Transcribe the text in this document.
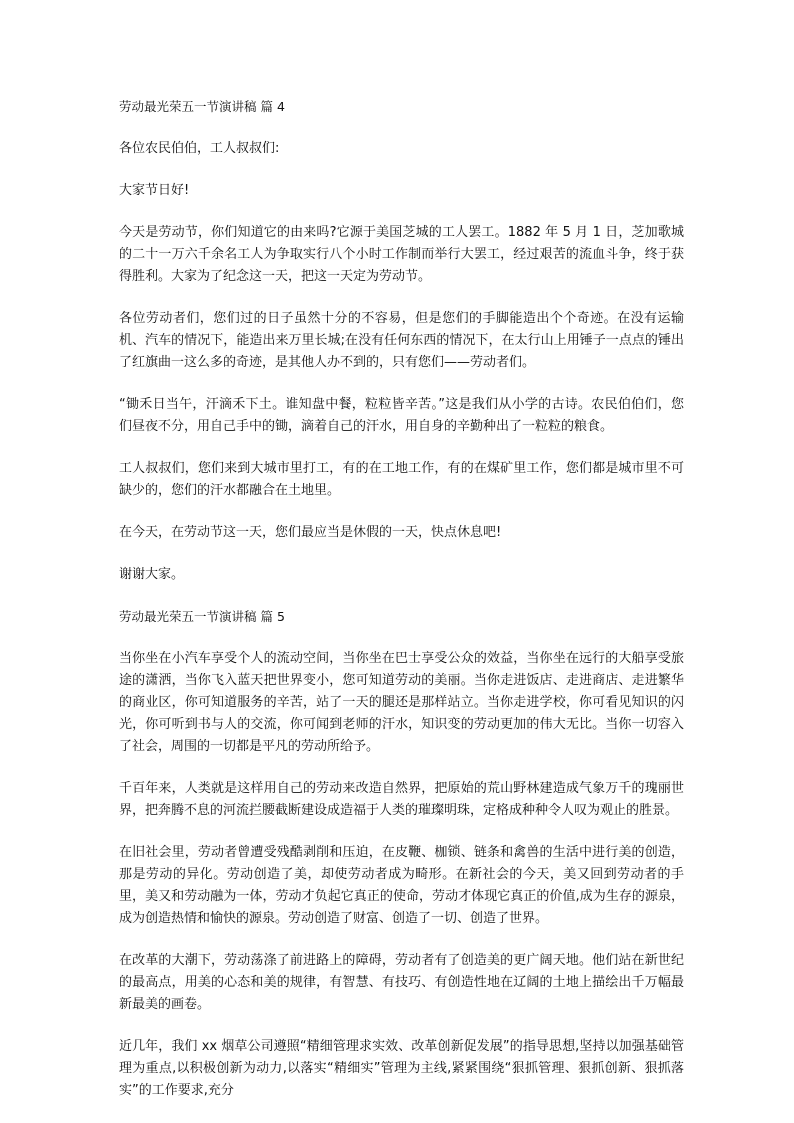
劳动最光荣五一节演讲稿 篇 4

各位农民伯伯，工人叔叔们:

大家节日好!

今天是劳动节，你们知道它的由来吗?它源于美国芝城的工人罢工。1882 年 5 月 1 日，芝加歌城的二十一万六千余名工人为争取实行八个小时工作制而举行大罢工，经过艰苦的流血斗争，终于获得胜利。大家为了纪念这一天，把这一天定为劳动节。

各位劳动者们，您们过的日子虽然十分的不容易，但是您们的手脚能造出个个奇迹。在没有运输机、汽车的情况下，能造出来万里长城;在没有任何东西的情况下，在太行山上用锤子一点点的锤出了红旗曲一这么多的奇迹，是其他人办不到的，只有您们——劳动者们。

“锄禾日当午，汗滴禾下土。谁知盘中餐，粒粒皆辛苦。”这是我们从小学的古诗。农民伯伯们，您们昼夜不分，用自己手中的锄，滴着自己的汗水，用自身的辛勤种出了一粒粒的粮食。

工人叔叔们，您们来到大城市里打工，有的在工地工作，有的在煤矿里工作，您们都是城市里不可缺少的，您们的汗水都融合在土地里。

在今天，在劳动节这一天，您们最应当是休假的一天，快点休息吧!

谢谢大家。

劳动最光荣五一节演讲稿 篇 5

当你坐在小汽车享受个人的流动空间，当你坐在巴士享受公众的效益，当你坐在远行的大船享受旅途的潇洒，当你飞入蓝天把世界变小，您可知道劳动的美丽。当你走进饭店、走进商店、走进繁华的商业区，你可知道服务的辛苦，站了一天的腿还是那样站立。当你走进学校，你可看见知识的闪光，你可听到书与人的交流，你可闻到老师的汗水，知识变的劳动更加的伟大无比。当你一切容入了社会，周围的一切都是平凡的劳动所给予。

千百年来，人类就是这样用自己的劳动来改造自然界，把原始的荒山野林建造成气象万千的瑰丽世界，把奔腾不息的河流拦腰截断建设成造福于人类的璀璨明珠，定格成种种令人叹为观止的胜景。

在旧社会里，劳动者曾遭受残酷剥削和压迫，在皮鞭、枷锁、链条和禽兽的生活中进行美的创造，那是劳动的异化。劳动创造了美，却使劳动者成为畸形。在新社会的今天，美又回到劳动者的手里，美又和劳动融为一体，劳动才负起它真正的使命，劳动才体现它真正的价值,成为生存的源泉，成为创造热情和愉快的源泉。劳动创造了财富、创造了一切、创造了世界。

在改革的大潮下，劳动荡涤了前进路上的障碍，劳动者有了创造美的更广阔天地。他们站在新世纪的最高点，用美的心态和美的规律，有智慧、有技巧、有创造性地在辽阔的土地上描绘出千万幅最新最美的画卷。

近几年，我们 xx 烟草公司遵照“精细管理求实效、改革创新促发展”的指导思想,坚持以加强基础管理为重点,以积极创新为动力,以落实“精细实”管理为主线,紧紧围绕“狠抓管理、狠抓创新、狠抓落实”的工作要求,充分
